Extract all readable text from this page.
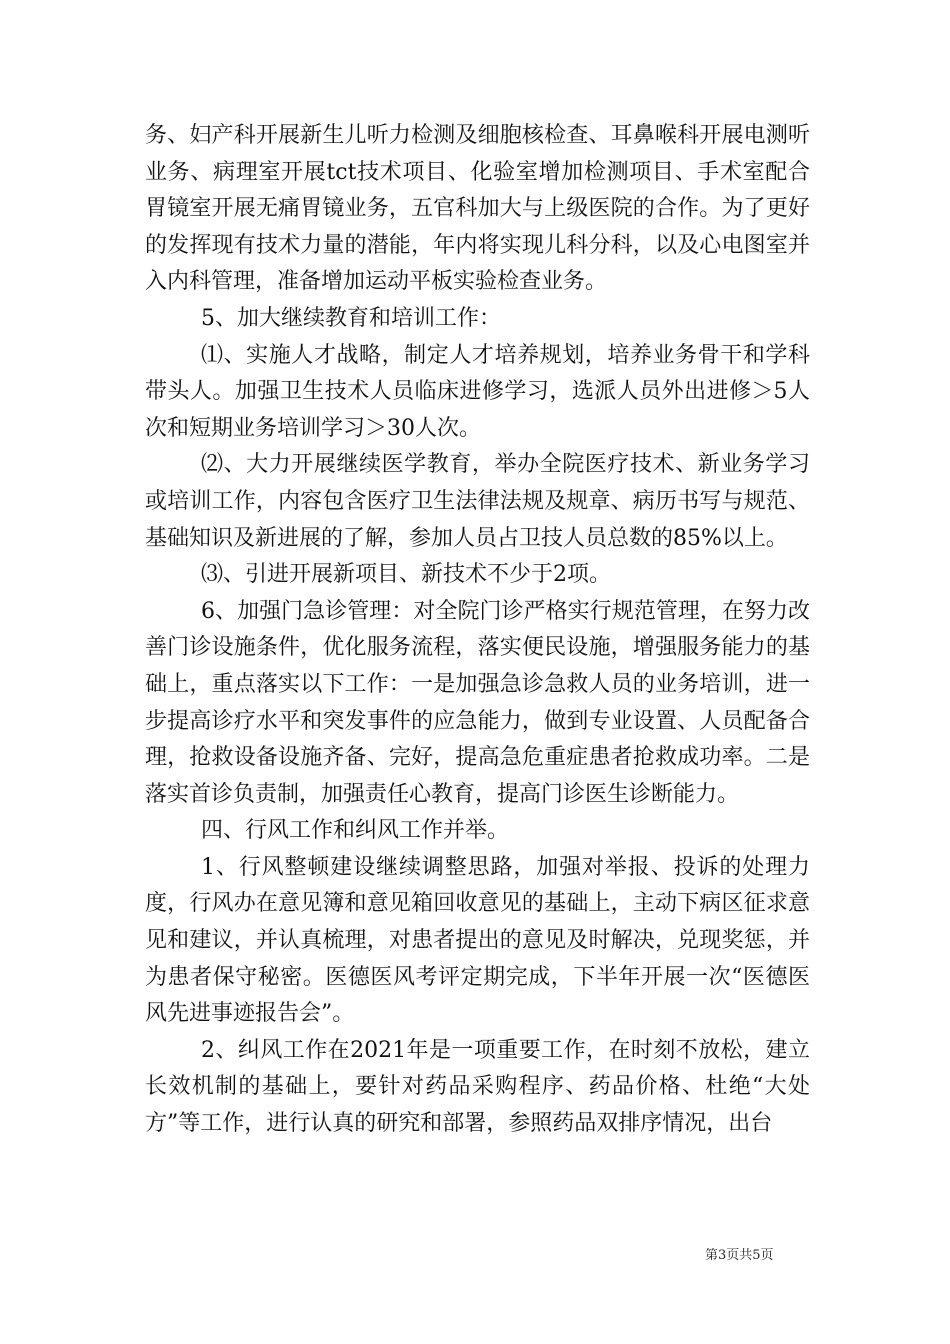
务、妇产科开展新生儿听力检测及细胞核检查、耳鼻喉科开展电测听业务、病理室开展tct技术项目、化验室增加检测项目、手术室配合胃镜室开展无痛胃镜业务，五官科加大与上级医院的合作。为了更好的发挥现有技术力量的潜能，年内将实现儿科分科，以及心电图室并入内科管理，准备增加运动平板实验检查业务。

5、加大继续教育和培训工作：

⑴、实施人才战略，制定人才培养规划，培养业务骨干和学科带头人。加强卫生技术人员临床进修学习，选派人员外出进修＞5人次和短期业务培训学习＞30人次。

⑵、大力开展继续医学教育，举办全院医疗技术、新业务学习或培训工作，内容包含医疗卫生法律法规及规章、病历书写与规范、基础知识及新进展的了解，参加人员占卫技人员总数的85%以上。

⑶、引进开展新项目、新技术不少于2项。

6、加强门急诊管理：对全院门诊严格实行规范管理，在努力改善门诊设施条件，优化服务流程，落实便民设施，增强服务能力的基础上，重点落实以下工作：一是加强急诊急救人员的业务培训，进一步提高诊疗水平和突发事件的应急能力，做到专业设置、人员配备合理，抢救设备设施齐备、完好，提高急危重症患者抢救成功率。二是落实首诊负责制，加强责任心教育，提高门诊医生诊断能力。

四、行风工作和纠风工作并举。

1、行风整顿建设继续调整思路，加强对举报、投诉的处理力度，行风办在意见簿和意见箱回收意见的基础上，主动下病区征求意见和建议，并认真梳理，对患者提出的意见及时解决，兑现奖惩，并为患者保守秘密。医德医风考评定期完成，下半年开展一次“医德医风先进事迹报告会”。

2、纠风工作在2021年是一项重要工作，在时刻不放松，建立长效机制的基础上，要针对药品采购程序、药品价格、杜绝“大处方”等工作，进行认真的研究和部署，参照药品双排序情况，出台

第3页共5页
